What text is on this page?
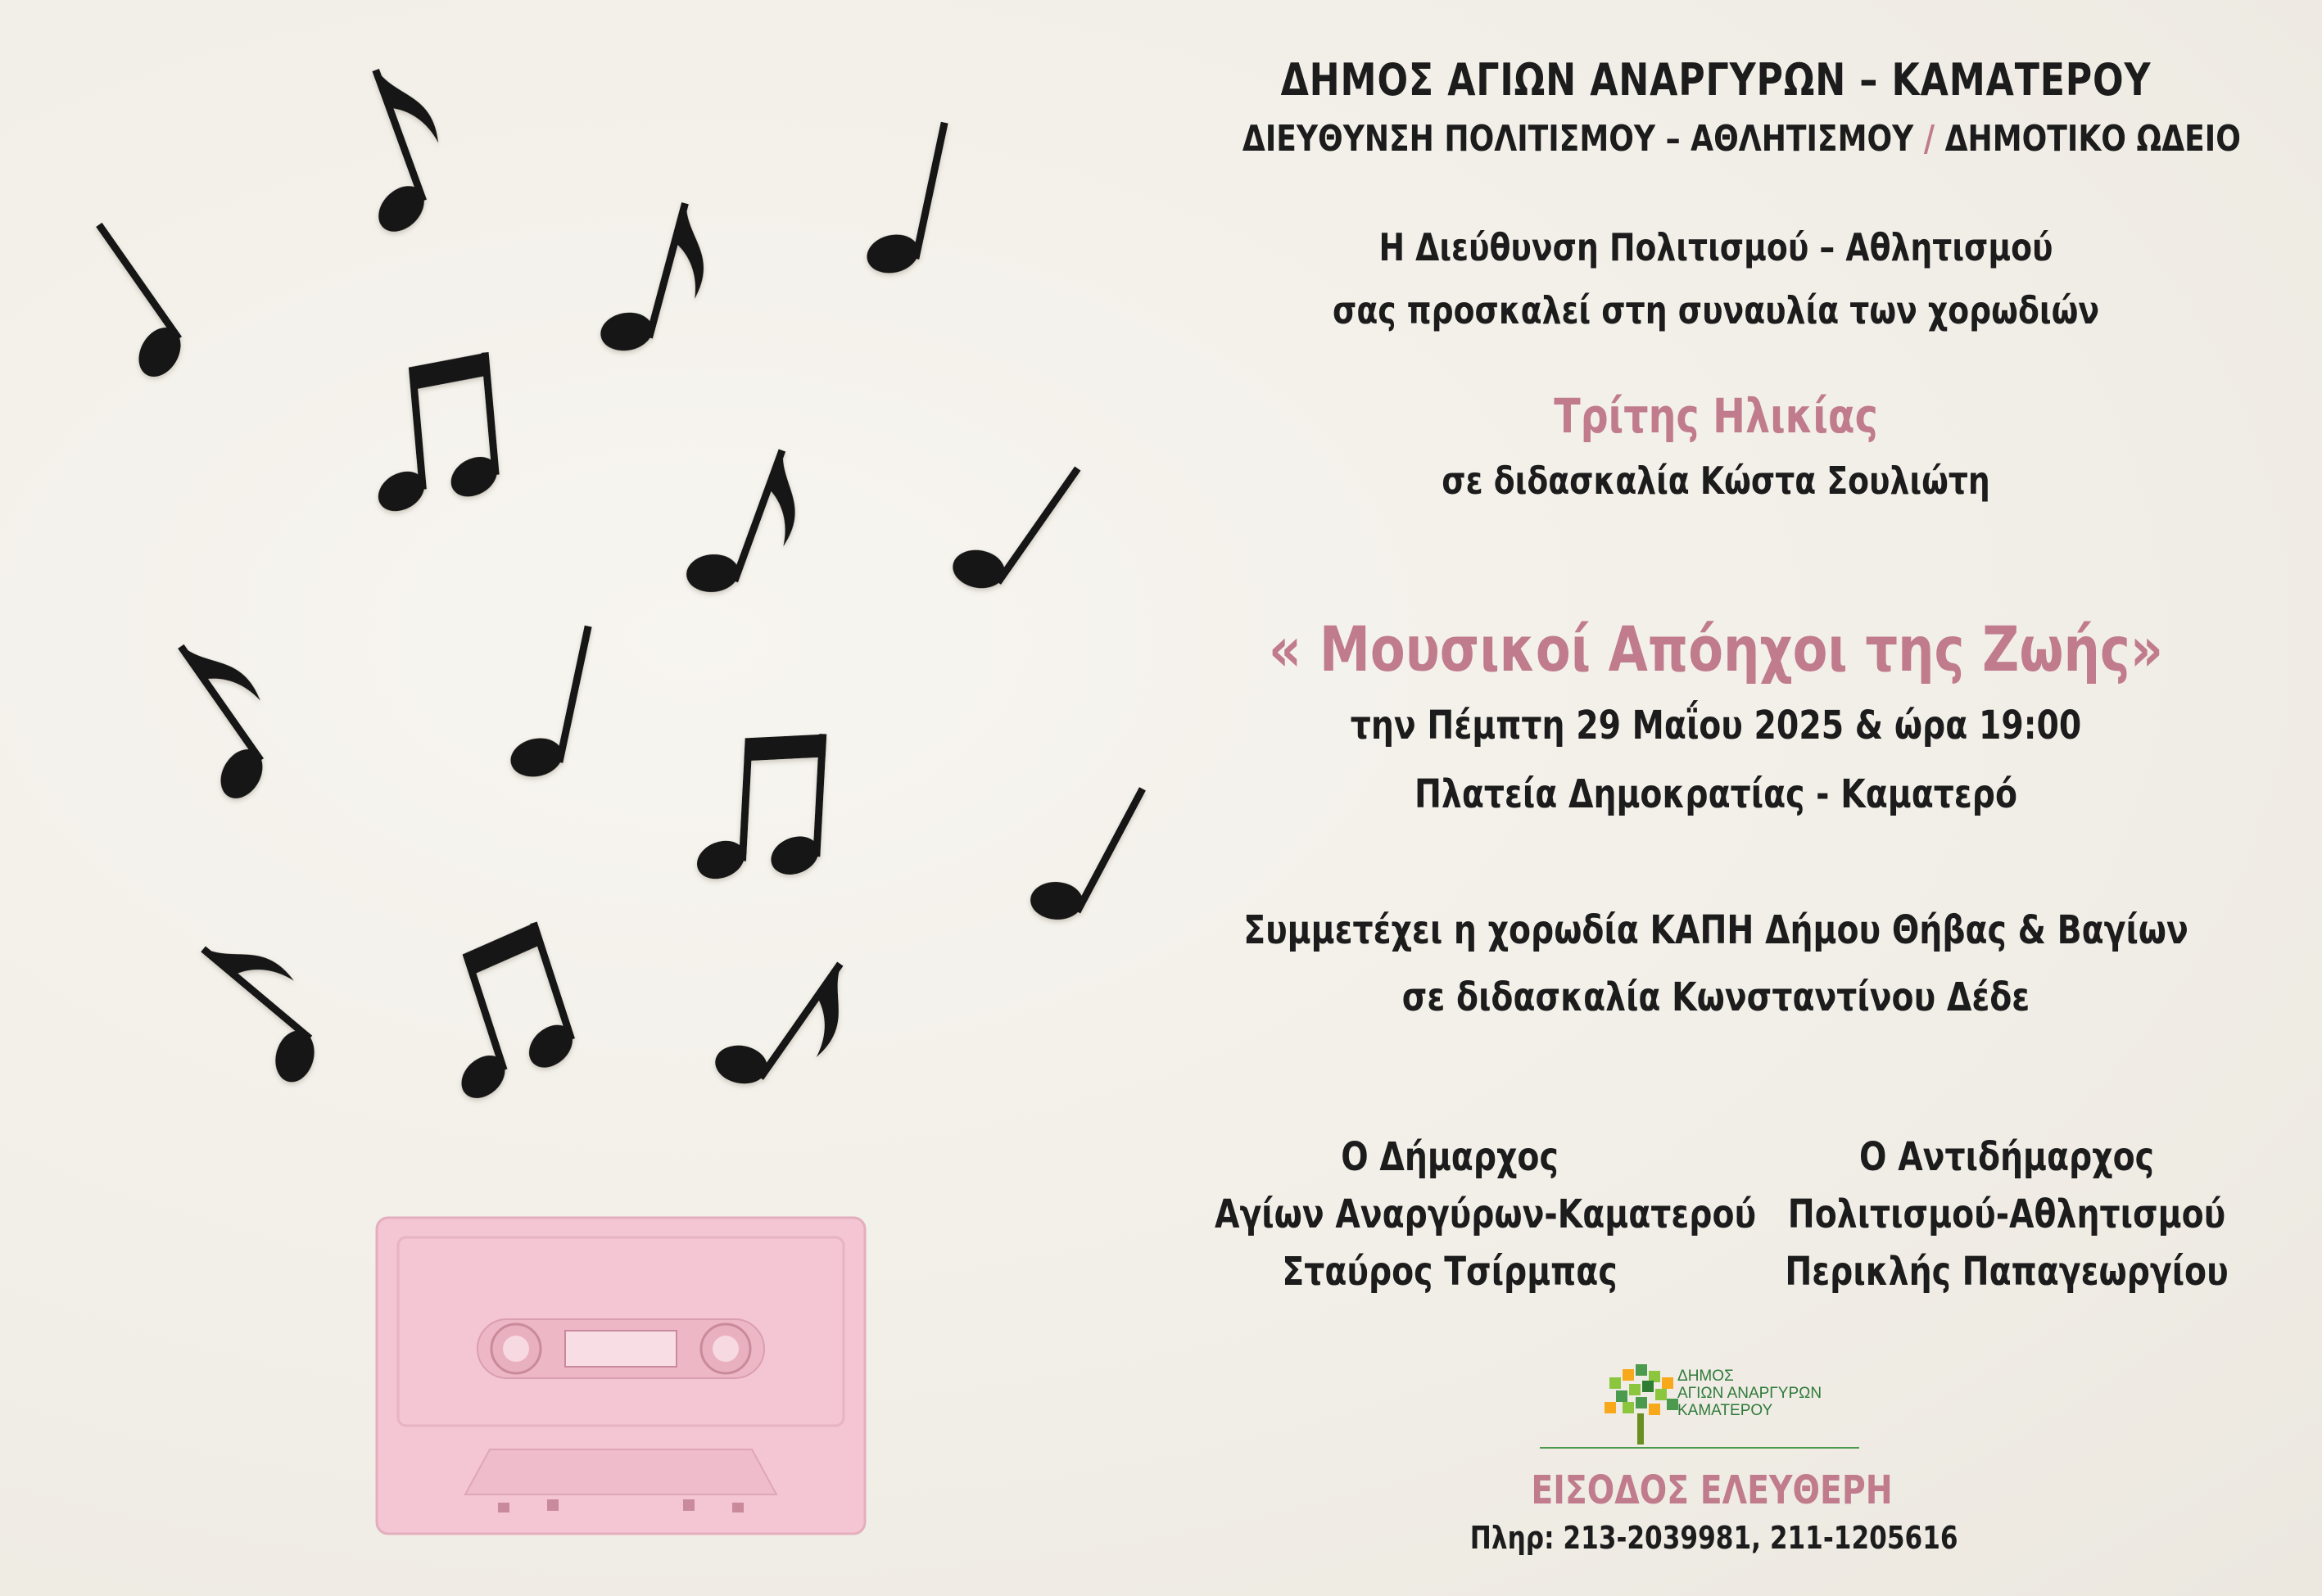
ΔΗΜΟΣ ΑΓΙΩΝ ΑΝΑΡΓΥΡΩΝ – ΚΑΜΑΤΕΡΟΥ
ΔΙΕΥΘΥΝΣΗ ΠΟΛΙΤΙΣΜΟΥ – ΑΘΛΗΤΙΣΜΟΥ / ΔΗΜΟΤΙΚΟ ΩΔΕΙΟ
Η Διεύθυνση Πολιτισμού – Αθλητισμού
σας προσκαλεί στη συναυλία των χορωδιών
Τρίτης Ηλικίας
σε διδασκαλία Κώστα Σουλιώτη
« Μουσικοί Απόηχοι της Ζωής»
την Πέμπτη 29 Μαΐου 2025 & ώρα 19:00
Πλατεία Δημοκρατίας - Καματερό
Συμμετέχει η χορωδία ΚΑΠΗ Δήμου Θήβας & Βαγίων
σε διδασκαλία Κωνσταντίνου Δέδε
Ο Δήμαρχος
Αγίων Αναργύρων-Καματερού
Σταύρος Τσίρμπας
Ο Αντιδήμαρχος
Πολιτισμού-Αθλητισμού
Περικλής Παπαγεωργίου
ΔΗΜΟΣ
ΑΓΙΩΝ ΑΝΑΡΓΥΡΩΝ
ΚΑΜΑΤΕΡΟΥ
ΕΙΣΟΔΟΣ ΕΛΕΥΘΕΡΗ
Πληρ: 213-2039981, 211-1205616
